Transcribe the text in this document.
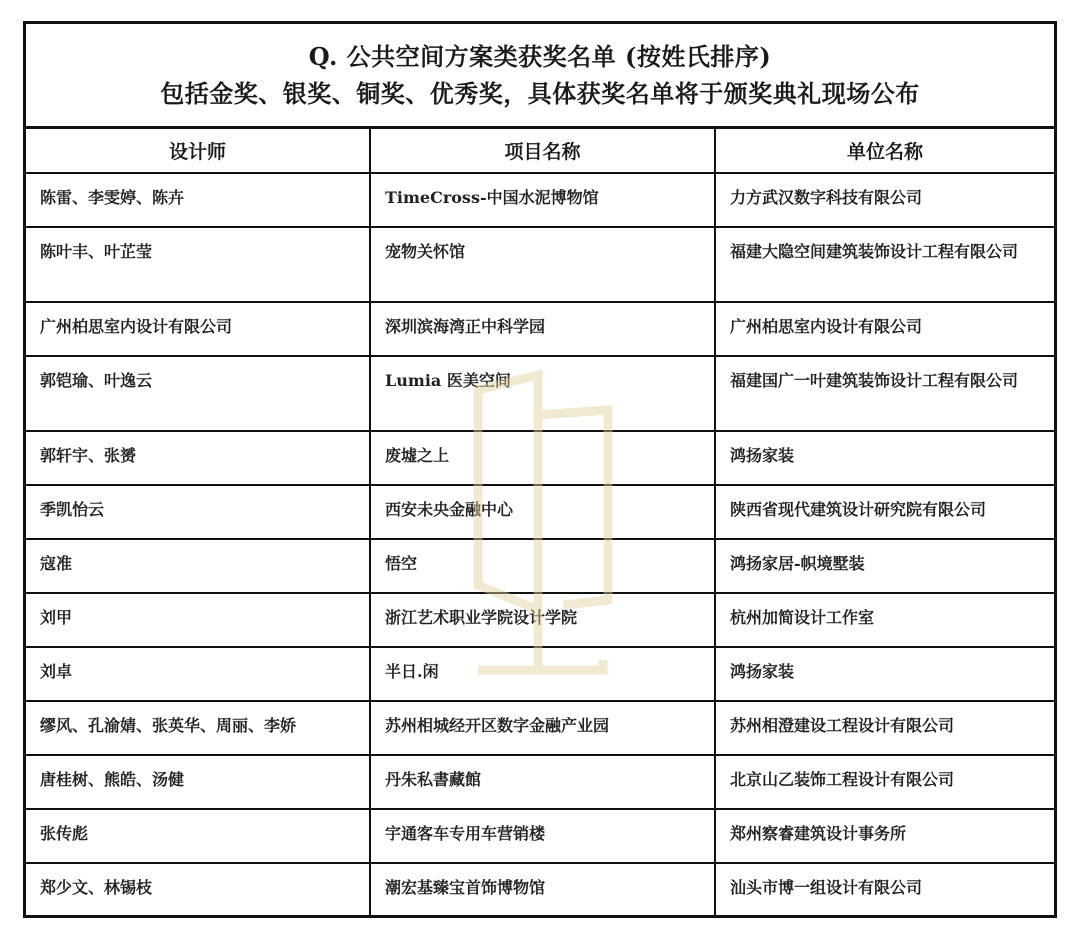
Q. 公共空间方案类获奖名单 (按姓氏排序)
包括金奖、银奖、铜奖、优秀奖，具体获奖名单将于颁奖典礼现场公布
设计师	项目名称	单位名称
陈雷、李雯婷、陈卉	TimeCross-中国水泥博物馆	力方武汉数字科技有限公司
陈叶丰、叶芷莹	宠物关怀馆	福建大隐空间建筑装饰设计工程有限公司
广州柏思室内设计有限公司	深圳滨海湾正中科学园	广州柏思室内设计有限公司
郭铠瑜、叶逸云	Lumia 医美空间	福建国广一叶建筑装饰设计工程有限公司
郭轩宇、张赟	废墟之上	鸿扬家装
季凯怡云	西安未央金融中心	陕西省现代建筑设计研究院有限公司
寇准	悟空	鸿扬家居-帜境墅装
刘甲	浙江艺术职业学院设计学院	杭州加简设计工作室
刘卓	半日.闲	鸿扬家装
缪风、孔渝婧、张英华、周丽、李娇	苏州相城经开区数字金融产业园	苏州相澄建设工程设计有限公司
唐桂树、熊皓、汤健	丹朱私書藏館	北京山乙装饰工程设计有限公司
张传彪	宇通客车专用车营销楼	郑州察睿建筑设计事务所
郑少文、林锡枝	潮宏基臻宝首饰博物馆	汕头市博一组设计有限公司
